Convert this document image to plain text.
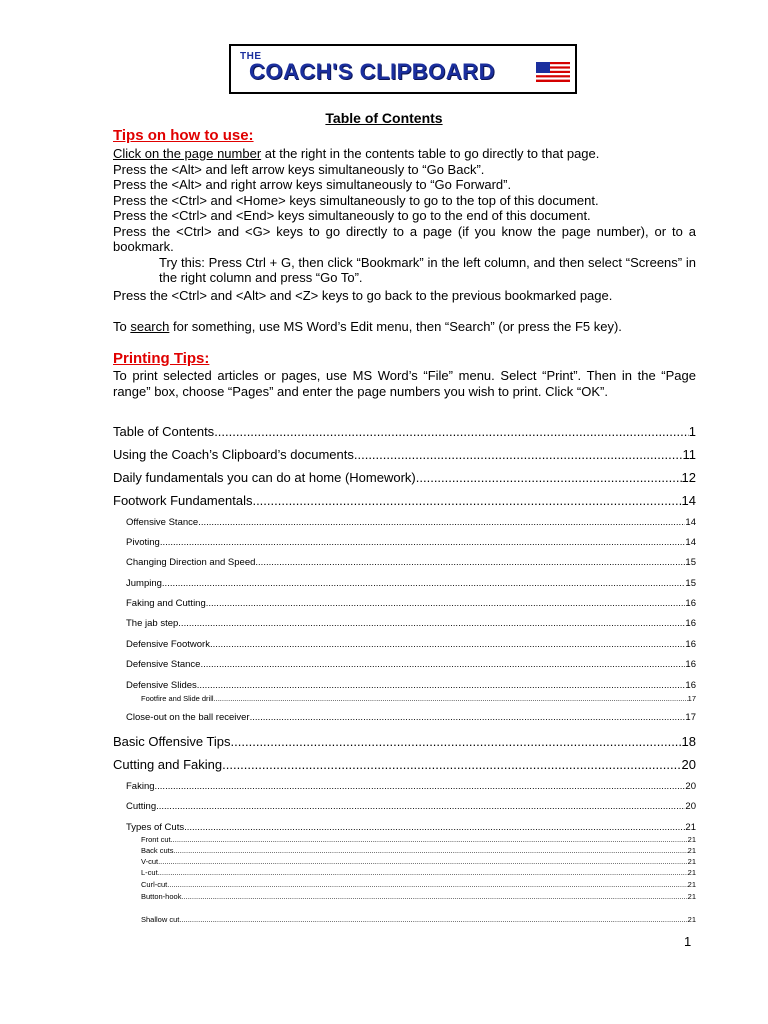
THE
COACH'S CLIPBOARD
Table of Contents
Tips on how to use:
Click on the page number at the right in the contents table to go directly to that page.
Press the <Alt> and left arrow keys simultaneously to “Go Back”.
Press the <Alt> and right arrow keys simultaneously to “Go Forward”.
Press the <Ctrl> and <Home> keys simultaneously to go to the top of this document.
Press the <Ctrl> and <End> keys simultaneously to go to the end of this document.
Press the <Ctrl> and <G> keys to go directly to a page (if you know the page number), or to a bookmark.
Try this: Press Ctrl + G, then click “Bookmark” in the left column, and then select “Screens” in the right column and press “Go To”.
Press the <Ctrl> and <Alt> and <Z> keys to go back to the previous bookmarked page.
To search for something, use MS Word’s Edit menu, then “Search” (or press the F5 key).
Printing Tips:
To print selected articles or pages, use MS Word’s “File” menu. Select “Print”. Then in the “Page range” box, choose “Pages” and enter the page numbers you wish to print. Click “OK”.
Table of Contents .....	1
Using the Coach’s Clipboard’s documents .....	11
Daily fundamentals you can do at home (Homework) .....	12
Footwork Fundamentals .....	14
Offensive Stance .....	14
Pivoting .....	14
Changing Direction and Speed .....	15
Jumping .....	15
Faking and Cutting .....	16
The jab step .....	16
Defensive Footwork .....	16
Defensive Stance .....	16
Defensive Slides .....	16
Footfire and Slide drill .....	17
Close-out on the ball receiver .....	17
Basic Offensive Tips .....	18
Cutting and Faking .....	20
Faking .....	20
Cutting .....	20
Types of Cuts .....	21
Front cut .....	21
Back cuts .....	21
V-cut .....	21
L-cut .....	21
Curl-cut .....	21
Button-hook .....	21
Shallow cut .....	21
1
